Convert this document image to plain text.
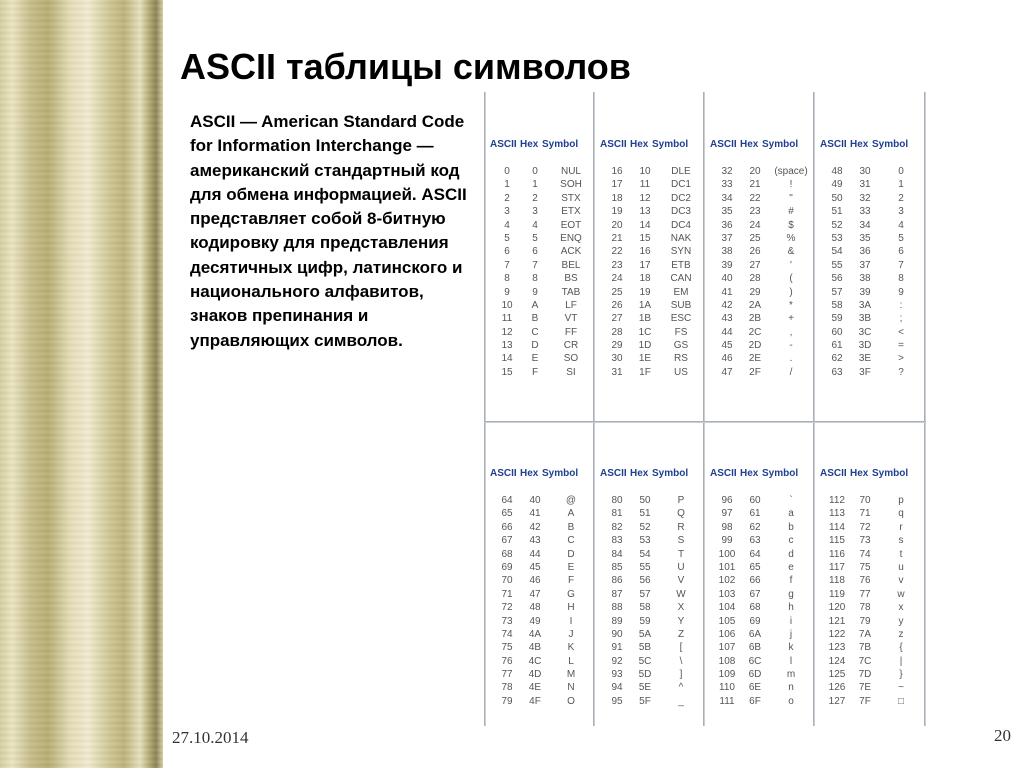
ASCII таблицы символов

ASCII — American Standard Code for Information Interchange — американский стандартный код для обмена информацией. ASCII представляет собой 8-битную кодировку для представления десятичных цифр, латинского и национального алфавитов, знаков препинания и управляющих символов.

ASCII Hex Symbol
0	0	NUL
1	1	SOH
2	2	STX
3	3	ETX
4	4	EOT
5	5	ENQ
6	6	ACK
7	7	BEL
8	8	BS
9	9	TAB
10	A	LF
11	B	VT
12	C	FF
13	D	CR
14	E	SO
15	F	SI
ASCII Hex Symbol
16	10	DLE
17	11	DC1
18	12	DC2
19	13	DC3
20	14	DC4
21	15	NAK
22	16	SYN
23	17	ETB
24	18	CAN
25	19	EM
26	1A	SUB
27	1B	ESC
28	1C	FS
29	1D	GS
30	1E	RS
31	1F	US
ASCII Hex Symbol
32	20	(space)
33	21	!
34	22	"
35	23	#
36	24	$
37	25	%
38	26	&
39	27	'
40	28	(
41	29	)
42	2A	*
43	2B	+
44	2C	,
45	2D	-
46	2E	.
47	2F	/
ASCII Hex Symbol
48	30	0
49	31	1
50	32	2
51	33	3
52	34	4
53	35	5
54	36	6
55	37	7
56	38	8
57	39	9
58	3A	:
59	3B	;
60	3C	<
61	3D	=
62	3E	>
63	3F	?
ASCII Hex Symbol
64	40	@
65	41	A
66	42	B
67	43	C
68	44	D
69	45	E
70	46	F
71	47	G
72	48	H
73	49	I
74	4A	J
75	4B	K
76	4C	L
77	4D	M
78	4E	N
79	4F	O
ASCII Hex Symbol
80	50	P
81	51	Q
82	52	R
83	53	S
84	54	T
85	55	U
86	56	V
87	57	W
88	58	X
89	59	Y
90	5A	Z
91	5B	[
92	5C	\
93	5D	]
94	5E	^
95	5F	_
ASCII Hex Symbol
96	60	`
97	61	a
98	62	b
99	63	c
100	64	d
101	65	e
102	66	f
103	67	g
104	68	h
105	69	i
106	6A	j
107	6B	k
108	6C	l
109	6D	m
110	6E	n
111	6F	o
ASCII Hex Symbol
112	70	p
113	71	q
114	72	r
115	73	s
116	74	t
117	75	u
118	76	v
119	77	w
120	78	x
121	79	y
122	7A	z
123	7B	{
124	7C	|
125	7D	}
126	7E	~
127	7F	□
27.10.2014	20
